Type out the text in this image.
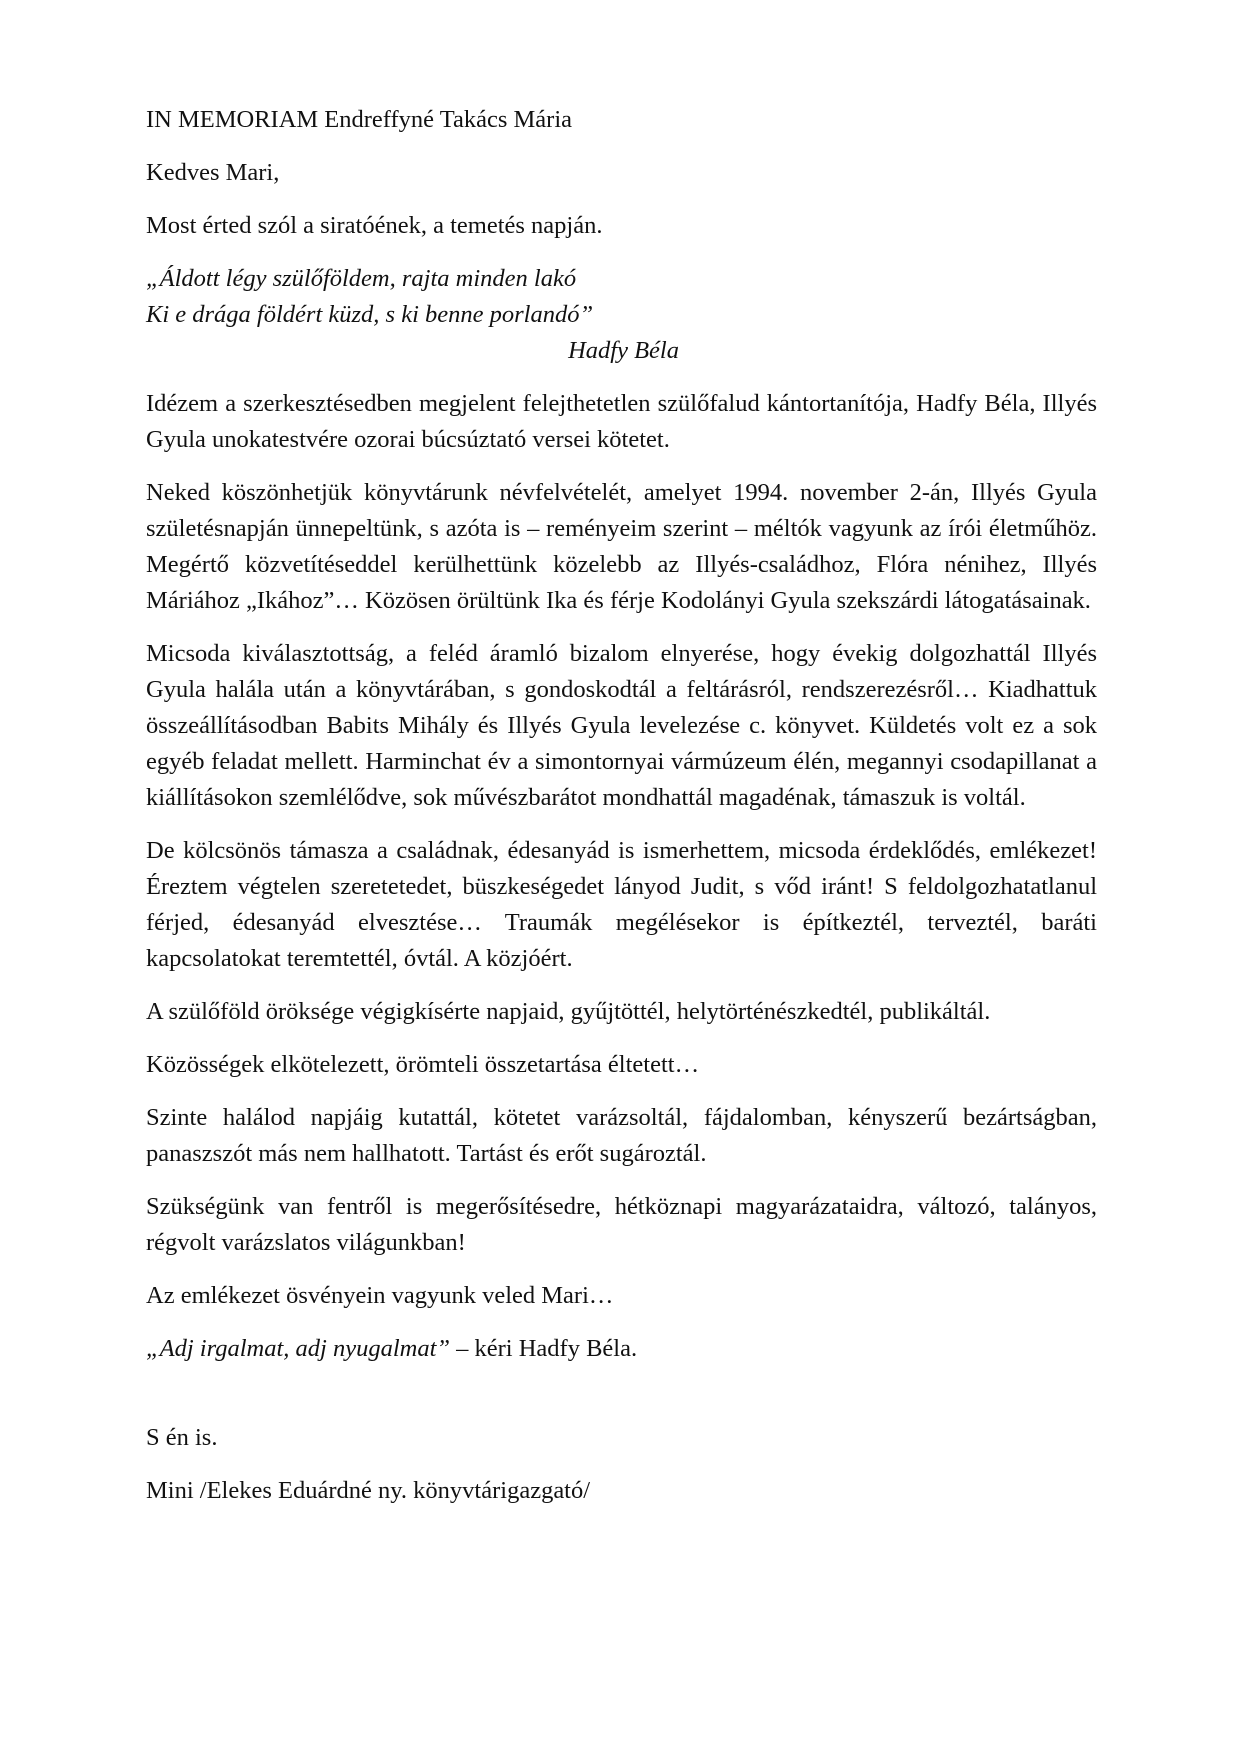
IN MEMORIAM Endreffyné Takács Mária

Kedves Mari,

Most érted szól a siratóének, a temetés napján.

„Áldott légy szülőföldem, rajta minden lakó
Ki e drága földért küzd, s ki benne porlandó”
Hadfy Béla

Idézem a szerkesztésedben megjelent felejthetetlen szülőfalud kántortanítója, Hadfy Béla, Illyés Gyula unokatestvére ozorai búcsúztató versei kötetet.

Neked köszönhetjük könyvtárunk névfelvételét, amelyet 1994. november 2-án, Illyés Gyula születésnapján ünnepeltünk, s azóta is – reményeim szerint – méltók vagyunk az írói életműhöz. Megértő közvetítéseddel kerülhettünk közelebb az Illyés-családhoz, Flóra nénihez, Illyés Máriához „Ikához”… Közösen örültünk Ika és férje Kodolányi Gyula szekszárdi látogatásainak.

Micsoda kiválasztottság, a feléd áramló bizalom elnyerése, hogy évekig dolgozhattál Illyés Gyula halála után a könyvtárában, s gondoskodtál a feltárásról, rendszerezésről… Kiadhattuk összeállításodban Babits Mihály és Illyés Gyula levelezése c. könyvet. Küldetés volt ez a sok egyéb feladat mellett. Harminchat év a simontornyai vármúzeum élén, megannyi csodapillanat a kiállításokon szemlélődve, sok művészbarátot mondhattál magadénak, támaszuk is voltál.

De kölcsönös támasza a családnak, édesanyád is ismerhettem, micsoda érdeklődés, emlékezet! Éreztem végtelen szeretetedet, büszkeségedet lányod Judit, s vőd iránt! S feldolgozhatatlanul férjed, édesanyád elvesztése… Traumák megélésekor is építkeztél, terveztél, baráti kapcsolatokat teremtettél, óvtál. A közjóért.

A szülőföld öröksége végigkísérte napjaid, gyűjtöttél, helytörténészkedtél, publikáltál.

Közösségek elkötelezett, örömteli összetartása éltetett…

Szinte halálod napjáig kutattál, kötetet varázsoltál, fájdalomban, kényszerű bezártságban, panaszszót más nem hallhatott. Tartást és erőt sugároztál.

Szükségünk van fentről is megerősítésedre, hétköznapi magyarázataidra, változó, talányos, régvolt varázslatos világunkban!

Az emlékezet ösvényein vagyunk veled Mari…

„Adj irgalmat, adj nyugalmat” – kéri Hadfy Béla.

S én is.

Mini /Elekes Eduárdné ny. könyvtárigazgató/
